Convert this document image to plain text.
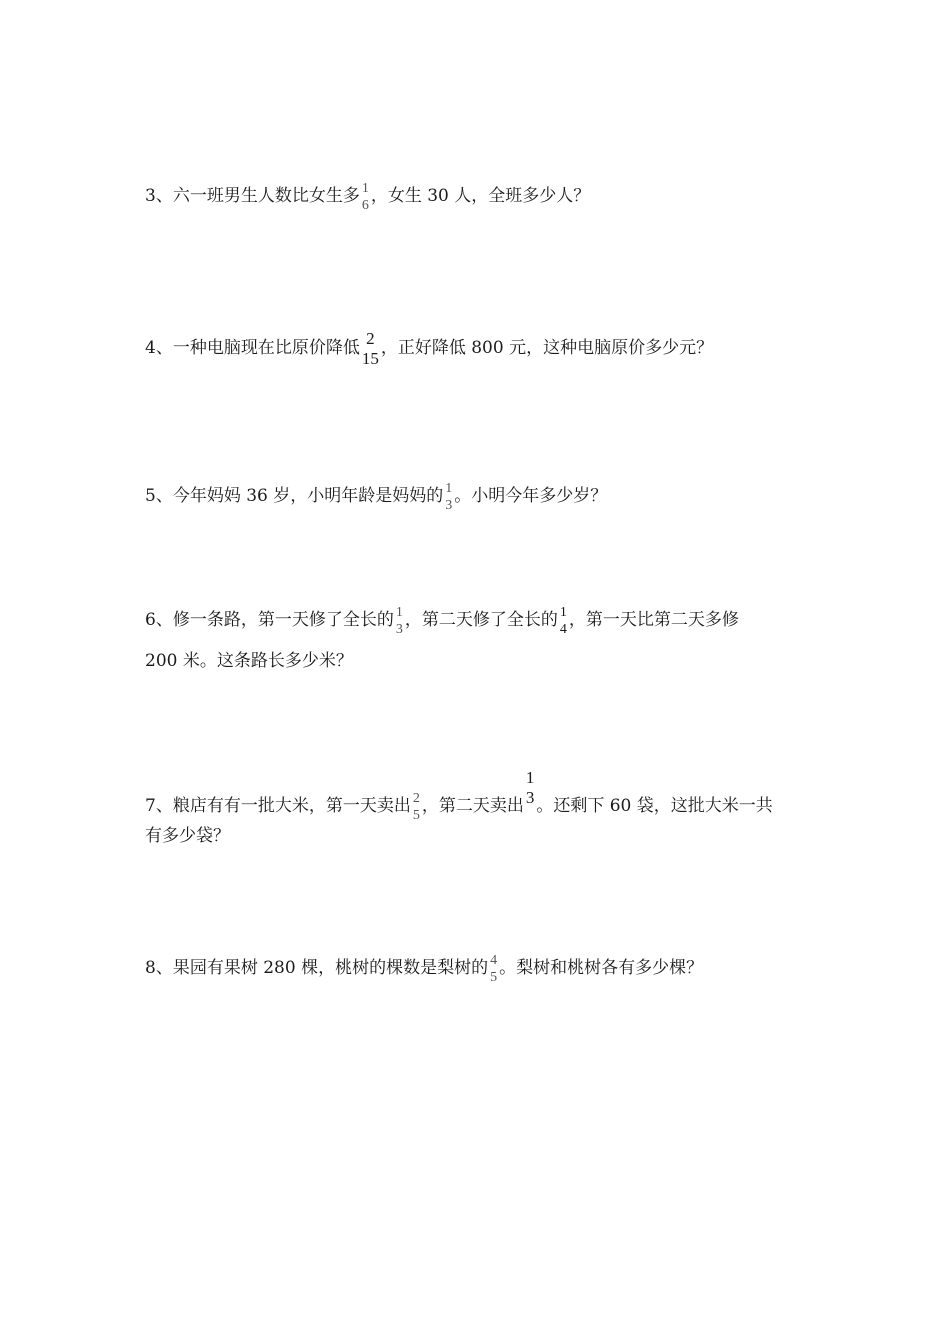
3、六一班男生人数比女生多 1
6 ，女生 30 人，全班多少人？
4、一种电脑现在比原价降低 2
15 ，正好降低 800 元，这种电脑原价多少元？
5、今年妈妈 36 岁，小明年龄是妈妈的 1
3 。小明今年多少岁？
6、修一条路，第一天修了全长的 1
3 ，第二天修了全长的 1
4 ，第一天比第二天多修
200 米。这条路长多少米？
7、粮店有有一批大米，第一天卖出 2
5 ，第二天卖出
1
3 。还剩下 60 袋，这批大米一共
有多少袋？
8、果园有果树 280 棵，桃树的棵数是梨树的 4
5 。梨树和桃树各有多少棵？
